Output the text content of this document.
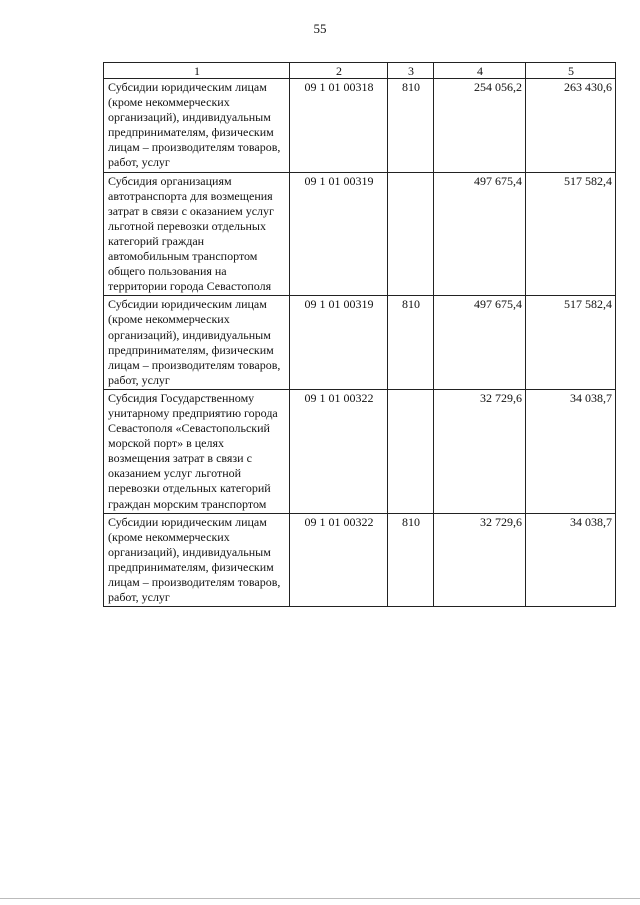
55
1	2	3	4	5
Субсидии юридическим лицам (кроме некоммерческих организаций), индивидуальным предпринимателям, физическим лицам – производителям товаров, работ, услуг	09 1 01 00318	810	254 056,2	263 430,6
Субсидия организациям автотранспорта для возмещения затрат в связи с оказанием услуг льготной перевозки отдельных категорий граждан автомобильным транспортом общего пользования на территории города Севастополя	09 1 01 00319		497 675,4	517 582,4
Субсидии юридическим лицам (кроме некоммерческих организаций), индивидуальным предпринимателям, физическим лицам – производителям товаров, работ, услуг	09 1 01 00319	810	497 675,4	517 582,4
Субсидия Государственному унитарному предприятию города Севастополя «Севастопольский морской порт» в целях возмещения затрат в связи с оказанием услуг льготной перевозки отдельных категорий граждан морским транспортом	09 1 01 00322		32 729,6	34 038,7
Субсидии юридическим лицам (кроме некоммерческих организаций), индивидуальным предпринимателям, физическим лицам – производителям товаров, работ, услуг	09 1 01 00322	810	32 729,6	34 038,7
